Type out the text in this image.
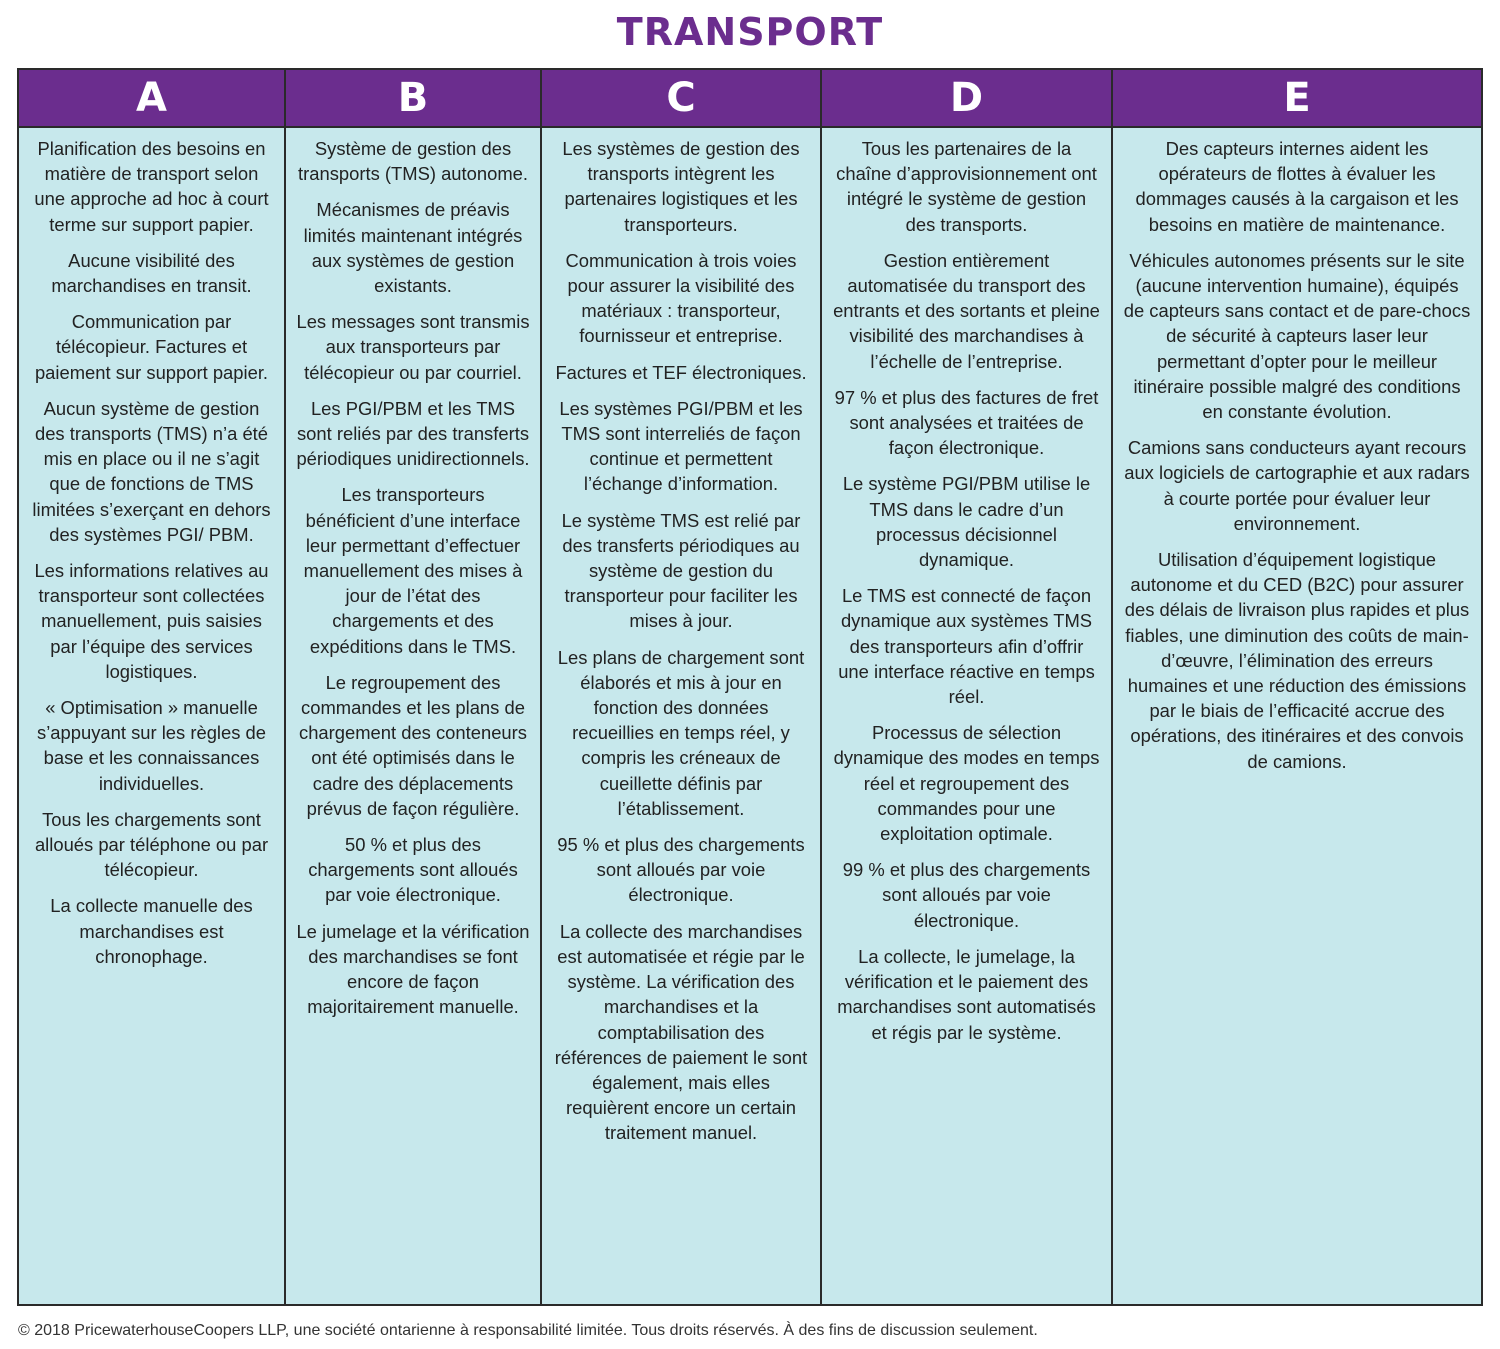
TRANSPORT
A

Planification des besoins en matière de transport selon une approche ad hoc à court terme sur support papier.

Aucune visibilité des marchandises en transit.

Communication par télécopieur. Factures et paiement sur support papier.

Aucun système de gestion des transports (TMS) n’a été mis en place ou il ne s’agit que de fonctions de TMS limitées s’exerçant en dehors des systèmes PGI/ PBM.

Les informations relatives au transporteur sont collectées manuellement, puis saisies par l’équipe des services logistiques.

« Optimisation » manuelle s’appuyant sur les règles de base et les connaissances individuelles.

Tous les chargements sont alloués par téléphone ou par télécopieur.

La collecte manuelle des marchandises est chronophage.

B

Système de gestion des transports (TMS) autonome.

Mécanismes de préavis limités maintenant intégrés aux systèmes de gestion existants.

Les messages sont transmis aux transporteurs par télécopieur ou par courriel.

Les PGI/PBM et les TMS sont reliés par des transferts périodiques unidirectionnels.

Les transporteurs bénéficient d’une interface leur permettant d’effectuer manuellement des mises à jour de l’état des chargements et des expéditions dans le TMS.

Le regroupement des commandes et les plans de chargement des conteneurs ont été optimisés dans le cadre des déplacements prévus de façon régulière.

50 % et plus des chargements sont alloués par voie électronique.

Le jumelage et la vérification des marchandises se font encore de façon majoritairement manuelle.

C

Les systèmes de gestion des transports intègrent les partenaires logistiques et les transporteurs.

Communication à trois voies pour assurer la visibilité des matériaux : transporteur, fournisseur et entreprise.

Factures et TEF électroniques.

Les systèmes PGI/PBM et les TMS sont interreliés de façon continue et permettent l’échange d’information.

Le système TMS est relié par des transferts périodiques au système de gestion du transporteur pour faciliter les mises à jour.

Les plans de chargement sont élaborés et mis à jour en fonction des données recueillies en temps réel, y compris les créneaux de cueillette définis par l’établissement.

95 % et plus des chargements sont alloués par voie électronique.

La collecte des marchandises est automatisée et régie par le système. La vérification des marchandises et la comptabilisation des références de paiement le sont également, mais elles requièrent encore un certain traitement manuel.

D

Tous les partenaires de la chaîne d’approvisionnement ont intégré le système de gestion des transports.

Gestion entièrement automatisée du transport des entrants et des sortants et pleine visibilité des marchandises à l’échelle de l’entreprise.

97 % et plus des factures de fret sont analysées et traitées de façon électronique.

Le système PGI/PBM utilise le TMS dans le cadre d’un processus décisionnel dynamique.

Le TMS est connecté de façon dynamique aux systèmes TMS des transporteurs afin d’offrir une interface réactive en temps réel.

Processus de sélection dynamique des modes en temps réel et regroupement des commandes pour une exploitation optimale.

99 % et plus des chargements sont alloués par voie électronique.

La collecte, le jumelage, la vérification et le paiement des marchandises sont automatisés et régis par le système.

E

Des capteurs internes aident les opérateurs de flottes à évaluer les dommages causés à la cargaison et les besoins en matière de maintenance.

Véhicules autonomes présents sur le site (aucune intervention humaine), équipés de capteurs sans contact et de pare-chocs de sécurité à capteurs laser leur permettant d’opter pour le meilleur itinéraire possible malgré des conditions en constante évolution.

Camions sans conducteurs ayant recours aux logiciels de cartographie et aux radars à courte portée pour évaluer leur environnement.

Utilisation d’équipement logistique autonome et du CED (B2C) pour assurer des délais de livraison plus rapides et plus fiables, une diminution des coûts de main-d’œuvre, l’élimination des erreurs humaines et une réduction des émissions par le biais de l’efficacité accrue des opérations, des itinéraires et des convois de camions.

© 2018 PricewaterhouseCoopers LLP, une société ontarienne à responsabilité limitée. Tous droits réservés. À des fins de discussion seulement.
